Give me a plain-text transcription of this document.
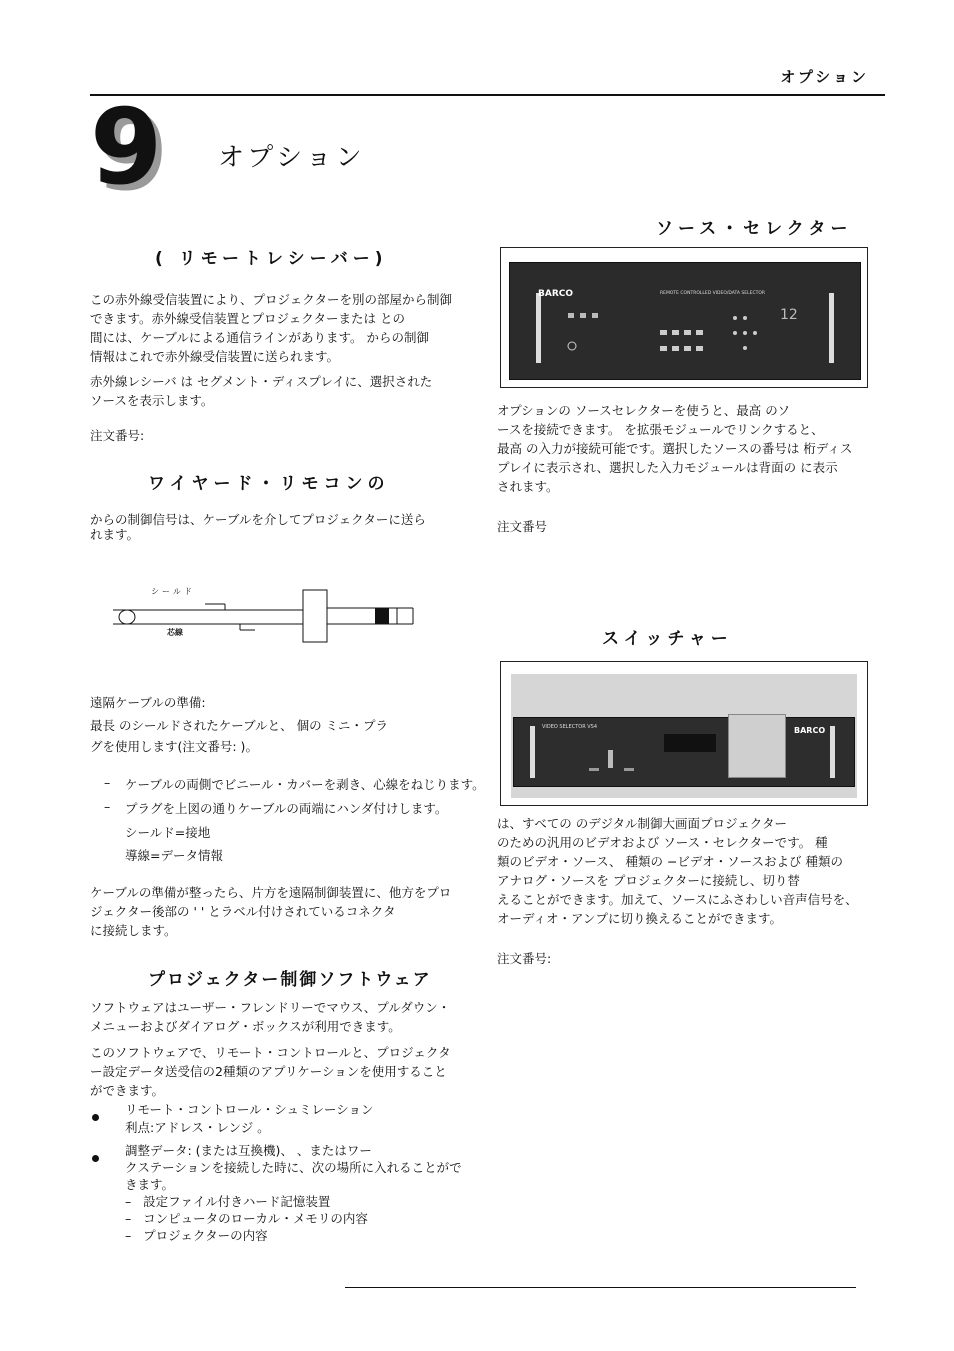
オプション
9 オプション
( リモートレシーバー)
この赤外線受信装置により、プロジェクターを別の部屋から制御
できます。赤外線受信装置とプロジェクターまたは との
間には、ケーブルによる通信ラインがあります。 からの制御
情報はこれで赤外線受信装置に送られます。
赤外線レシーバ は セグメント・ディスプレイに、選択された
ソースを表示します。
注文番号:
ワイヤード・リモコンの
からの制御信号は、ケーブルを介してプロジェクターに送ら
れます。
シールド
芯線
遠隔ケーブルの準備:
最長 のシールドされたケーブルと、 個の ミニ・プラ
グを使用します(注文番号: )。
– ケーブルの両側でビニール・カバーを剥き、心線をねじります。
– プラグを上図の通りケーブルの両端にハンダ付けします。
シールド=接地
導線=データ情報
ケーブルの準備が整ったら、片方を遠隔制御装置に、他方をプロ
ジェクター後部の ' ' とラベル付けされているコネクタ
に接続します。
プロジェクター制御ソフトウェア
ソフトウェアはユーザー・フレンドリーでマウス、プルダウン・
メニューおよびダイアログ・ボックスが利用できます。
このソフトウェアで、リモート・コントロールと、プロジェクタ
ー設定データ送受信の2種類のアプリケーションを使用すること
ができます。
リモート・コントロール・シュミレーション
利点:アドレス・レンジ 。
調整データ: (または互換機)、 、またはワー
クステーションを接続した時に、次の場所に入れることがで
きます。
– 設定ファイル付きハード記憶装置
– コンピュータのローカル・メモリの内容
– プロジェクターの内容
ソース・セレクター
BARCO	REMOTE CONTROLLED VIDEO/DATA SELECTOR
12
オプションの ソースセレクターを使うと、最高 のソ
ースを接続できます。 を拡張モジュールでリンクすると、
最高 の入力が接続可能です。選択したソースの番号は 桁ディス
プレイに表示され、選択した入力モジュールは背面の に表示
されます。
注文番号
スイッチャー
VIDEO SELECTOR VS4	BARCO
は、すべての のデジタル制御大画面プロジェクター
のための汎用のビデオおよび ソース・セレクターです。 種
類のビデオ・ソース、 種類の −ビデオ・ソースおよび 種類の
アナログ・ソースを プロジェクターに接続し、切り替
えることができます。加えて、ソースにふさわしい音声信号を、
オーディオ・アンプに切り換えることができます。
注文番号:
